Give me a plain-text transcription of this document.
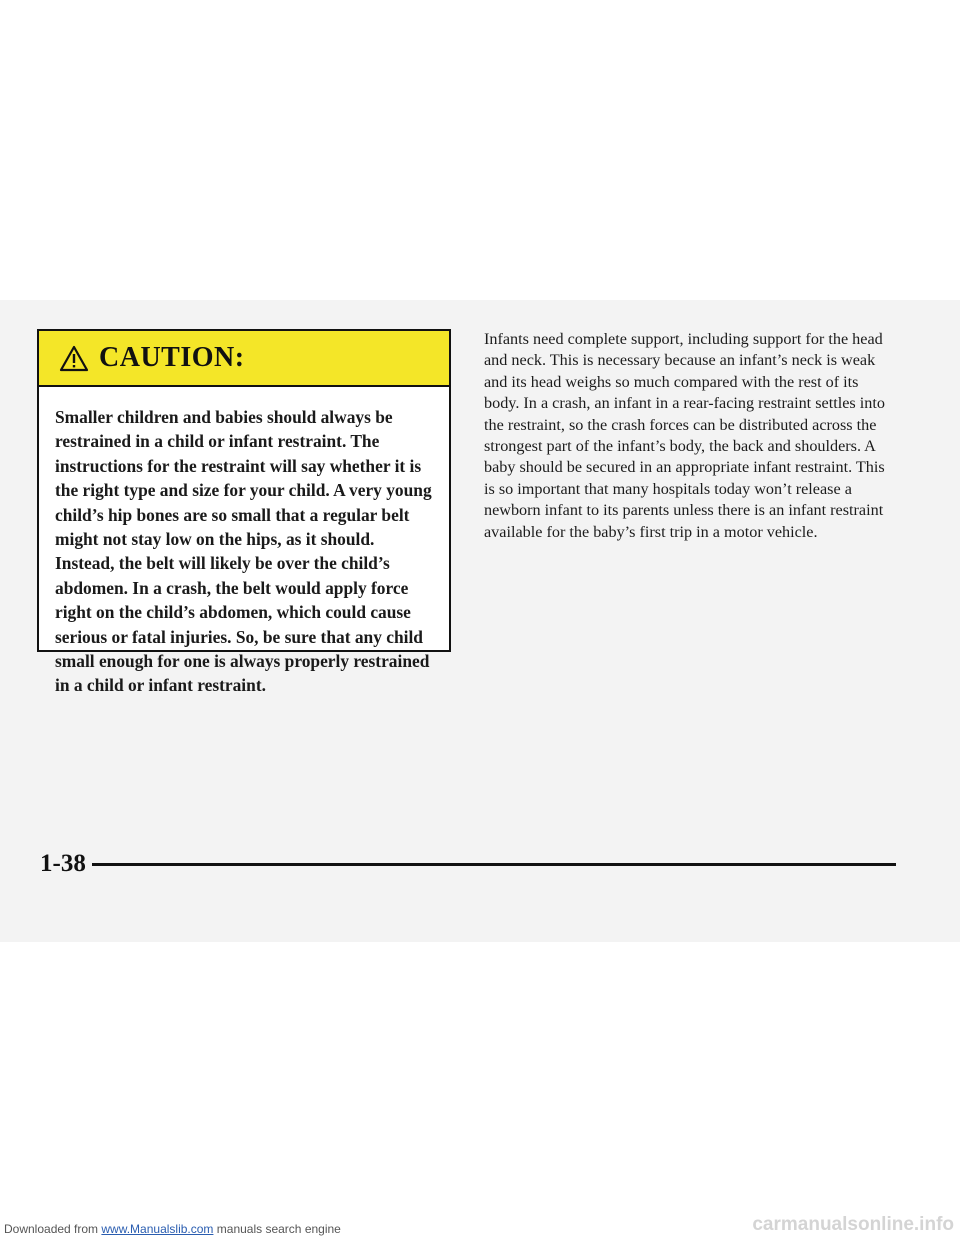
CAUTION:

Smaller children and babies should always be restrained in a child or infant restraint. The instructions for the restraint will say whether it is the right type and size for your child. A very young child’s hip bones are so small that a regular belt might not stay low on the hips, as it should. Instead, the belt will likely be over the child’s abdomen. In a crash, the belt would apply force right on the child’s abdomen, which could cause serious or fatal injuries. So, be sure that any child small enough for one is always properly restrained in a child or infant restraint.

Infants need complete support, including support for the head and neck. This is necessary because an infant’s neck is weak and its head weighs so much compared with the rest of its body. In a crash, an infant in a rear-facing restraint settles into the restraint, so the crash forces can be distributed across the strongest part of the infant’s body, the back and shoulders. A baby should be secured in an appropriate infant restraint. This is so important that many hospitals today won’t release a newborn infant to its parents unless there is an infant restraint available for the baby’s first trip in a motor vehicle.

1-38
Downloaded from www.Manualslib.com manuals search engine	carmanualsonline.info
